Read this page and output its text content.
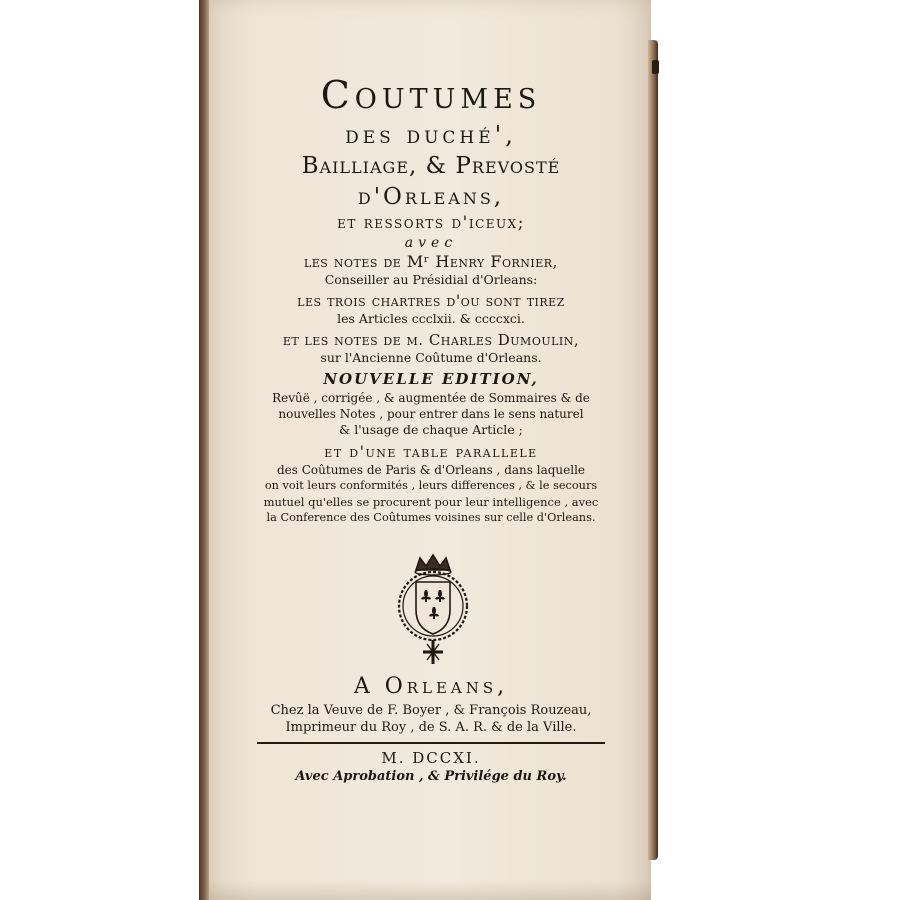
Coutumes
des duché',
Bailliage, & Prevosté
d'Orleans,
et ressorts d'iceux;
avec
les notes de Mʳ Henry Fornier,
Conseiller au Présidial d'Orleans:
les trois chartres d'ou sont tirez
les Articles ccclxii. & ccccxci.
et les notes de m. Charles Dumoulin,
sur l'Ancienne Coûtume d'Orleans.
NOUVELLE EDITION,
Revûë , corrigée , & augmentée de Sommaires & de
nouvelles Notes , pour entrer dans le sens naturel
& l'usage de chaque Article ;
et d'une table parallele
des Coûtumes de Paris & d'Orleans , dans laquelle
on voit leurs conformités , leurs differences , & le secours
mutuel qu'elles se procurent pour leur intelligence , avec
la Conference des Coûtumes voisines sur celle d'Orleans.
A Orleans,
Chez la Veuve de F. Boyer , & François Rouzeau,
Imprimeur du Roy , de S. A. R. & de la Ville.
M. DCCXI.
Avec Aprobation , & Privilége du Roy.
